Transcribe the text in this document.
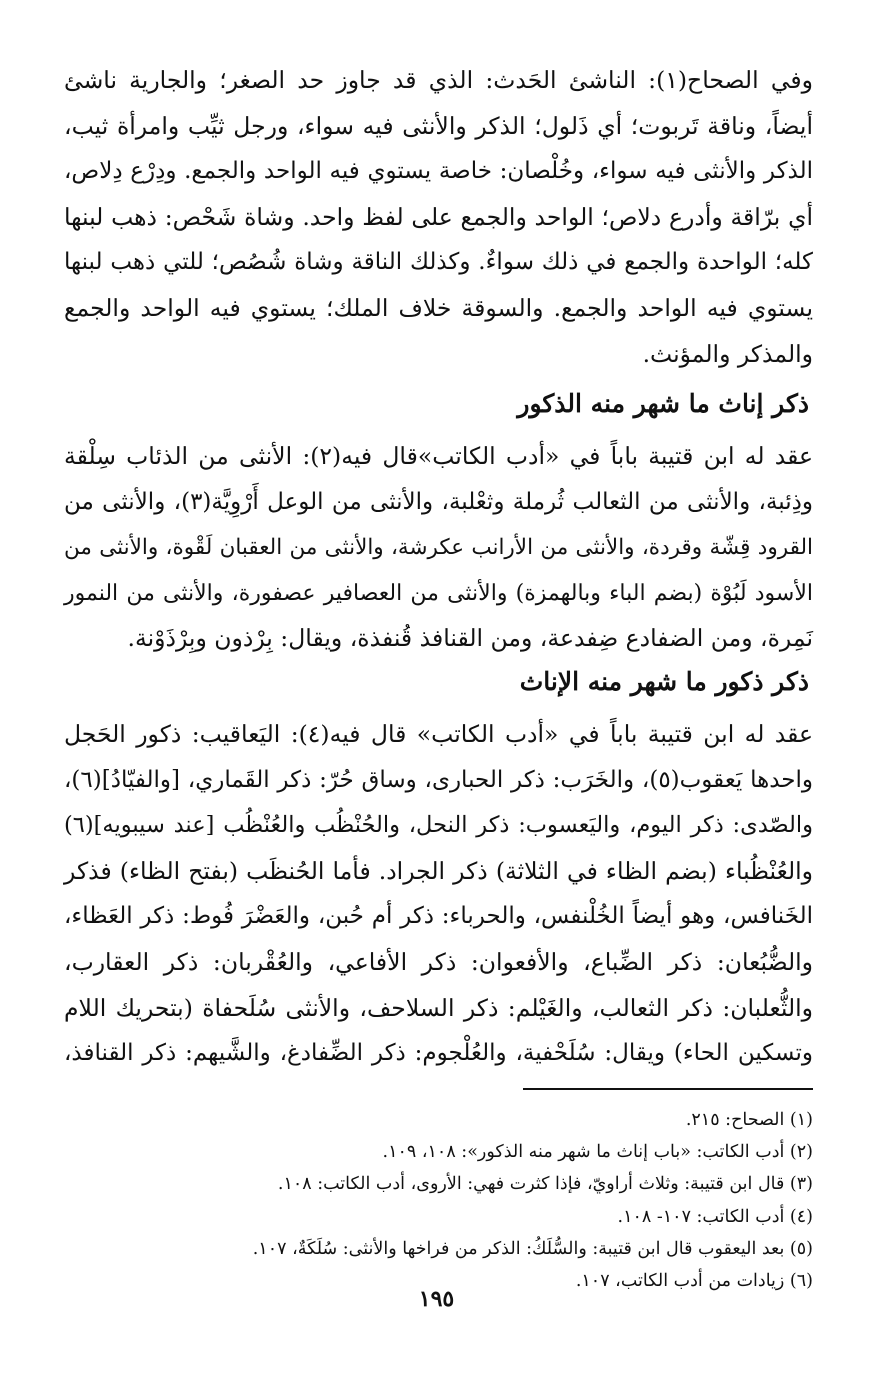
وفي الصحاح(١): الناشئ الحَدث: الذي قد جاوز حد الصغر؛ والجارية ناشئ
أيضاً، وناقة تَربوت؛ أي ذَلول؛ الذكر والأنثى فيه سواء، ورجل ثيِّب وامرأة ثيب،
الذكر والأنثى فيه سواء، وخُلْصان: خاصة يستوي فيه الواحد والجمع. ودِرْع دِلاص،
أي برّاقة وأدرع دلاص؛ الواحد والجمع على لفظ واحد. وشاة شَحْص: ذهب لبنها
كله؛ الواحدة والجمع في ذلك سواءٌ. وكذلك الناقة وشاة شُصُص؛ للتي ذهب لبنها
يستوي فيه الواحد والجمع. والسوقة خلاف الملك؛ يستوي فيه الواحد والجمع
والمذكر والمؤنث.
ذكر إناث ما شهر منه الذكور
عقد له ابن قتيبة باباً في «أدب الكاتب»قال فيه(٢): الأنثى من الذئاب سِلْقة
وذِئبة، والأنثى من الثعالب ثُرملة وثعْلبة، والأنثى من الوعل أَرْوِيَّة(٣)، والأنثى من
القرود قِشّة وقردة، والأنثى من الأرانب عكرشة، والأنثى من العقبان لَقْوة، والأنثى من
الأسود لَبُوْة (بضم الباء وبالهمزة) والأنثى من العصافير عصفورة، والأنثى من النمور
نَمِرة، ومن الضفادع ضِفدعة، ومن القنافذ قُنفذة، ويقال: بِرْذون وبِرْذَوْنة.
ذكر ذكور ما شهر منه الإناث
عقد له ابن قتيبة باباً في «أدب الكاتب» قال فيه(٤): اليَعاقيب: ذكور الحَجل
واحدها يَعقوب(٥)، والخَرَب: ذكر الحبارى، وساق حُرّ: ذكر القَماري، [والفيّادُ](٦)،
والصّدى: ذكر اليوم، واليَعسوب: ذكر النحل، والحُنْظُب والعُنْظُب [عند سيبويه](٦)
والعُنْظُباء (بضم الظاء في الثلاثة) ذكر الجراد. فأما الحُنظَب (بفتح الظاء) فذكر
الخَنافس، وهو أيضاً الخُلْنفس، والحرباء: ذكر أم حُبن، والعَضْرَ فُوط: ذكر العَظاء،
والضُّبُعان: ذكر الضِّباع، والأفعوان: ذكر الأفاعي، والعُقْربان: ذكر العقارب،
والثُّعلبان: ذكر الثعالب، والغَيْلم: ذكر السلاحف، والأنثى سُلَحفاة (بتحريك اللام
وتسكين الحاء) ويقال: سُلَحْفية، والعُلْجوم: ذكر الضِّفادغ، والشَّيهم: ذكر القنافذ،
(١) الصحاح: ٢١٥.
(٢) أدب الكاتب: «باب إناث ما شهر منه الذكور»: ١٠٨، ١٠٩.
(٣) قال ابن قتيبة: وثلاث أراويّ، فإذا كثرت فهي: الأروى، أدب الكاتب: ١٠٨.
(٤) أدب الكاتب: ١٠٧- ١٠٨.
(٥) بعد اليعقوب قال ابن قتيبة: والسُّلَكُ: الذكر من فراخها والأنثى: سُلَكَةٌ، ١٠٧.
(٦) زيادات من أدب الكاتب، ١٠٧.
١٩٥
